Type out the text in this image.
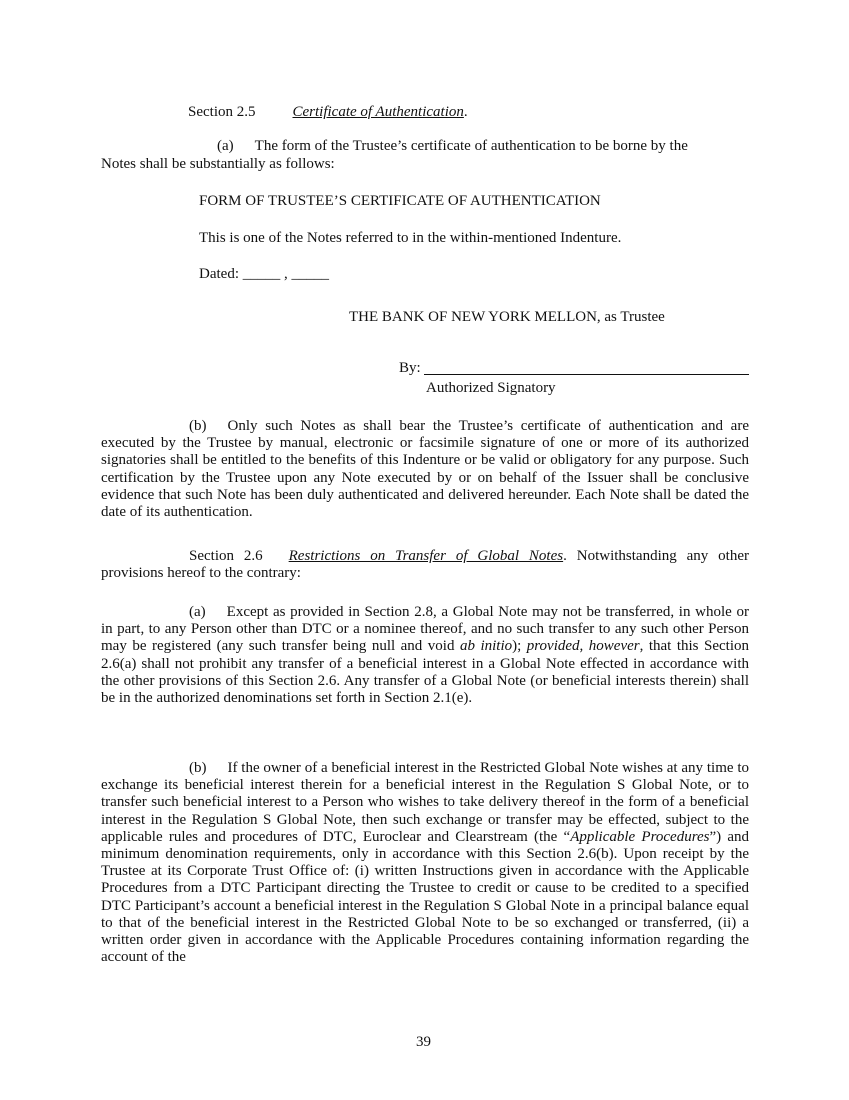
Section 2.5 Certificate of Authentication.
(a) The form of the Trustee’s certificate of authentication to be borne by the
Notes shall be substantially as follows:
FORM OF TRUSTEE’S CERTIFICATE OF AUTHENTICATION
This is one of the Notes referred to in the within-mentioned Indenture.
Dated: _____ , _____
THE BANK OF NEW YORK MELLON, as Trustee
By:
Authorized Signatory

(b) Only such Notes as shall bear the Trustee’s certificate of authentication and are executed by the Trustee by manual, electronic or facsimile signature of one or more of its authorized signatories shall be entitled to the benefits of this Indenture or be valid or obligatory for any purpose. Such certification by the Trustee upon any Note executed by or on behalf of the Issuer shall be conclusive evidence that such Note has been duly authenticated and delivered hereunder. Each Note shall be dated the date of its authentication.

Section 2.6 Restrictions on Transfer of Global Notes. Notwithstanding any other provisions hereof to the contrary:

(a) Except as provided in Section 2.8, a Global Note may not be transferred, in whole or in part, to any Person other than DTC or a nominee thereof, and no such transfer to any such other Person may be registered (any such transfer being null and void ab initio); provided, however, that this Section 2.6(a) shall not prohibit any transfer of a beneficial interest in a Global Note effected in accordance with the other provisions of this Section 2.6. Any transfer of a Global Note (or beneficial interests therein) shall be in the authorized denominations set forth in Section 2.1(e).

(b) If the owner of a beneficial interest in the Restricted Global Note wishes at any time to exchange its beneficial interest therein for a beneficial interest in the Regulation S Global Note, or to transfer such beneficial interest to a Person who wishes to take delivery thereof in the form of a beneficial interest in the Regulation S Global Note, then such exchange or transfer may be effected, subject to the applicable rules and procedures of DTC, Euroclear and Clearstream (the “Applicable Procedures”) and minimum denomination requirements, only in accordance with this Section 2.6(b). Upon receipt by the Trustee at its Corporate Trust Office of: (i) written Instructions given in accordance with the Applicable Procedures from a DTC Participant directing the Trustee to credit or cause to be credited to a specified DTC Participant’s account a beneficial interest in the Regulation S Global Note in a principal balance equal to that of the beneficial interest in the Restricted Global Note to be so exchanged or transferred, (ii) a written order given in accordance with the Applicable Procedures containing information regarding the account of the

39
